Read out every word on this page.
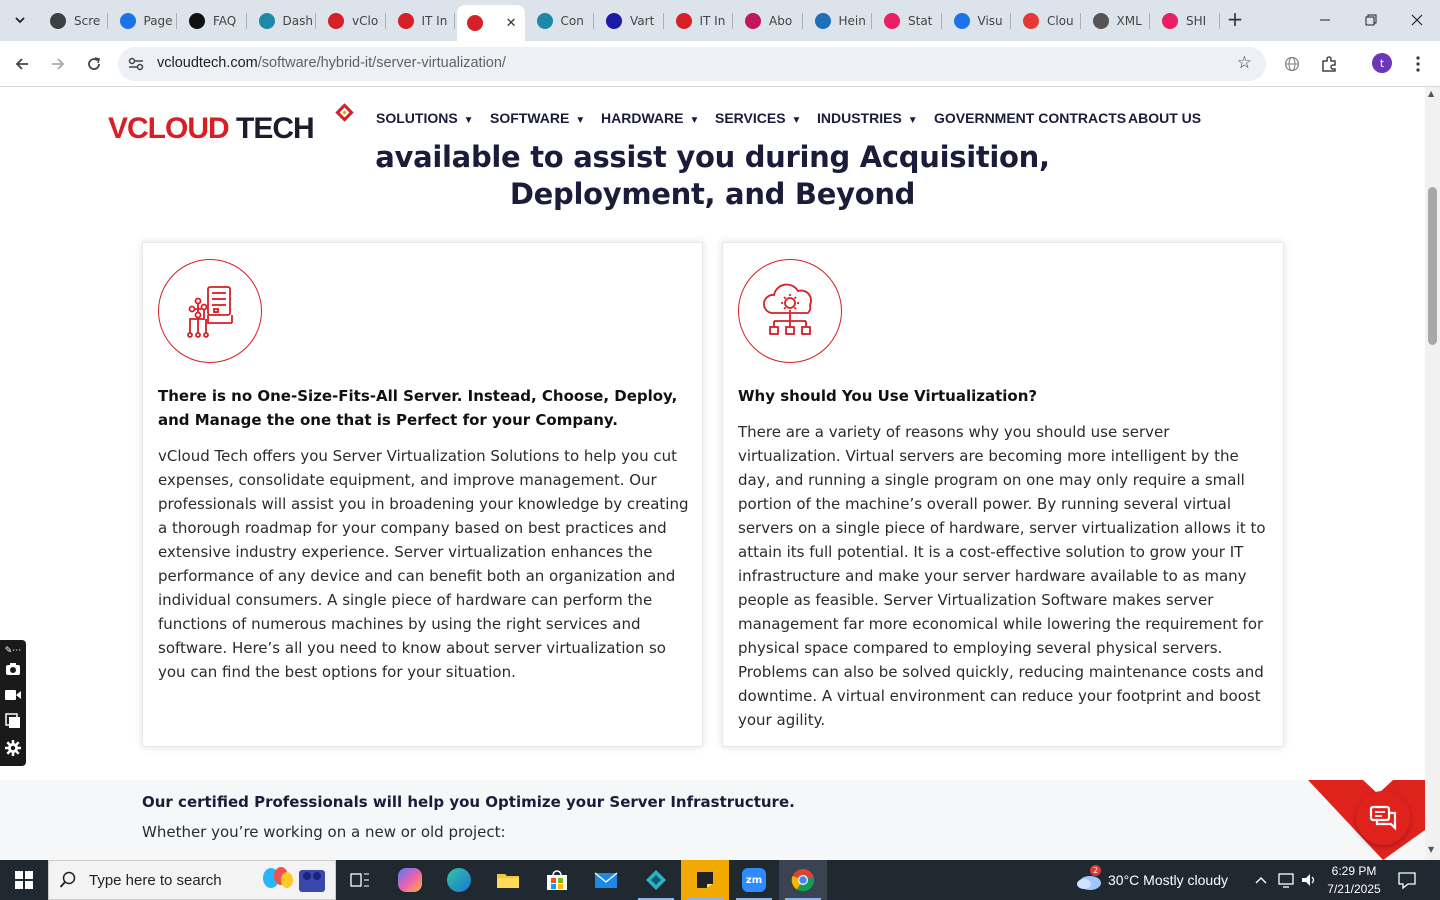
Scre	Page	FAQ	Dash	vClo	IT In	✕	Con	Vart	IT In	Abo	Hein	Stat	Visu	Clou	XML	SHI +
vcloudtech.com/software/hybrid-it/server-virtualization/	☆	t
VCLOUD TECH	SOLUTIONS ▼ SOFTWARE ▼ HARDWARE ▼ SERVICES ▼ INDUSTRIES ▼ GOVERNMENT CONTRACTS ABOUT US
available to assist you during Acquisition,
Deployment, and Beyond
There is no One-Size-Fits-All Server. Instead, Choose, Deploy, and Manage the one that is Perfect for your Company.
vCloud Tech offers you Server Virtualization Solutions to help you cut expenses, consolidate equipment, and improve management. Our professionals will assist you in broadening your knowledge by creating a thorough roadmap for your company based on best practices and extensive industry experience. Server virtualization enhances the performance of any device and can benefit both an organization and individual consumers. A single piece of hardware can perform the functions of numerous machines by using the right services and software. Here’s all you need to know about server virtualization so you can find the best options for your situation.
Why should You Use Virtualization?
There are a variety of reasons why you should use server virtualization. Virtual servers are becoming more intelligent by the day, and running a single program on one may only require a small portion of the machine’s overall power. By running several virtual servers on a single piece of hardware, server virtualization allows it to attain its full potential. It is a cost-effective solution to grow your IT infrastructure and make your server hardware available to as many people as feasible. Server Virtualization Software makes server management far more economical while lowering the requirement for physical space compared to employing several physical servers. Problems can also be solved quickly, reducing maintenance costs and downtime. A virtual environment can reduce your footprint and boost your agility.
Our certified Professionals will help you Optimize your Server Infrastructure.
Whether you’re working on a new or old project:
✎⋯
▲
▼
Type here to search	zm
2
30°C Mostly cloudy
6:29 PM
7/21/2025
